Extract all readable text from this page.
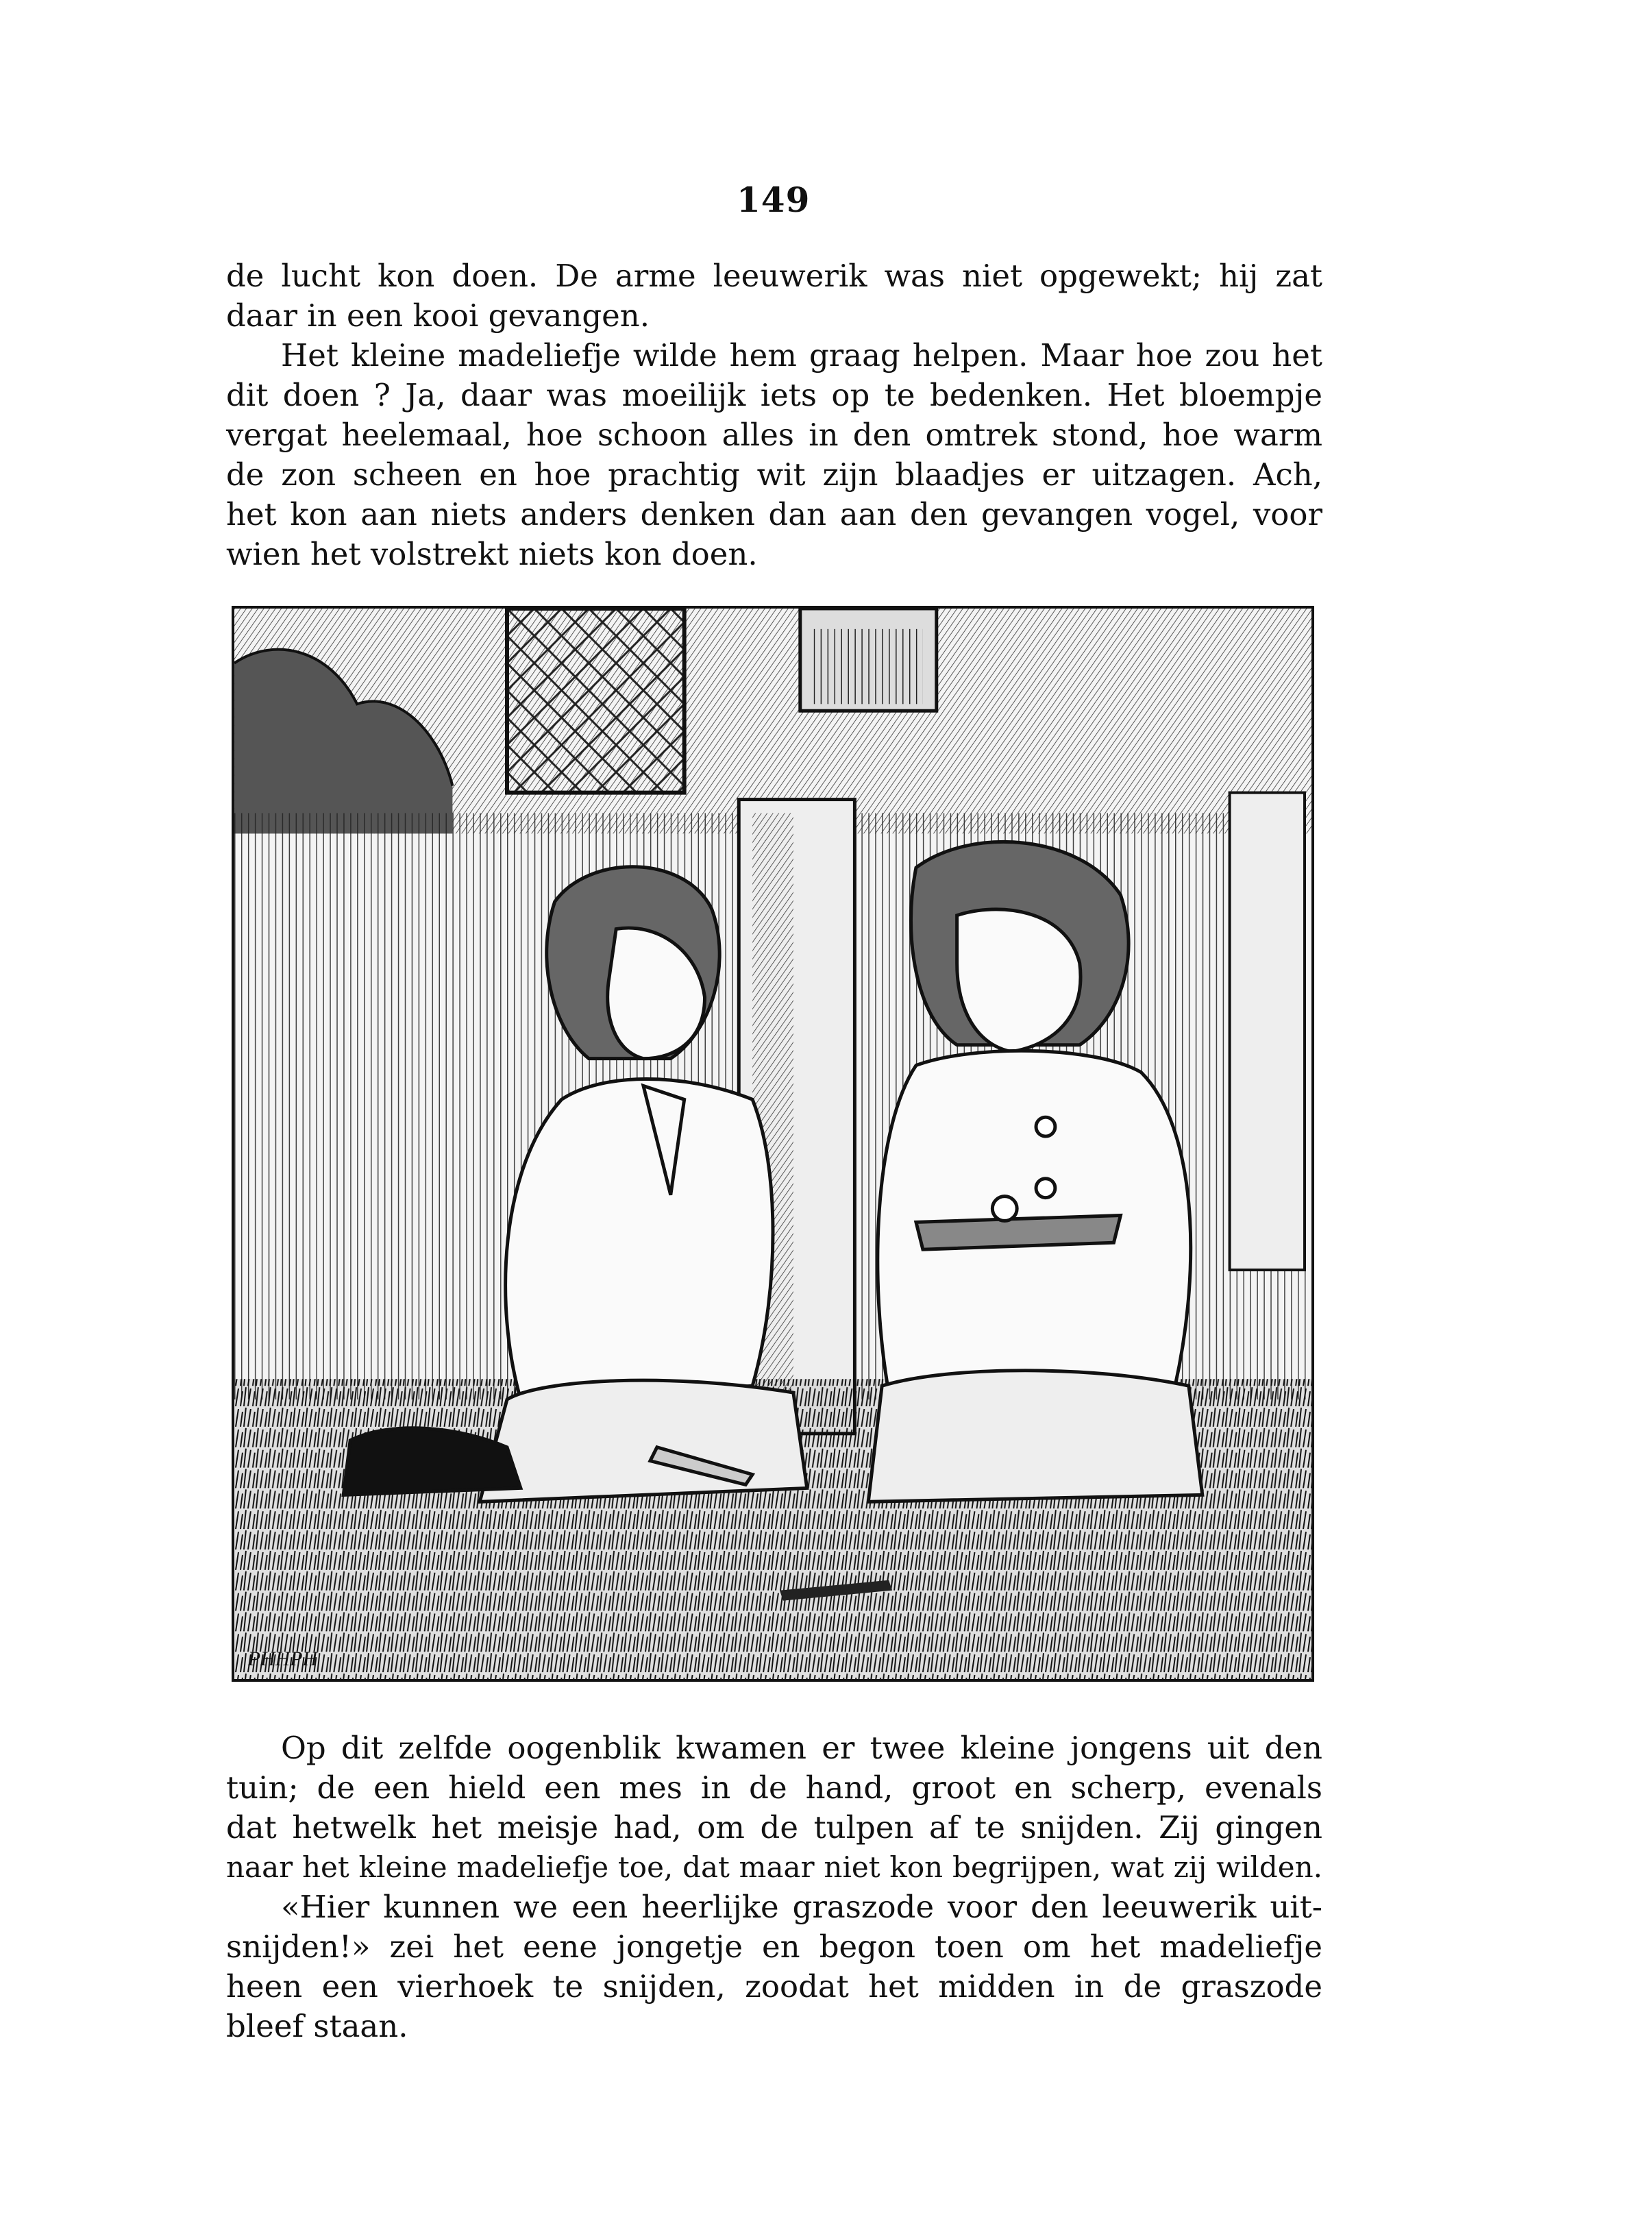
149
de lucht kon doen. De arme leeuwerik was niet opgewekt; hij zat
daar in een kooi gevangen.
Het kleine madeliefje wilde hem graag helpen. Maar hoe zou het
dit doen ? Ja, daar was moeilijk iets op te bedenken. Het bloempje
vergat heelemaal, hoe schoon alles in den omtrek stond, hoe warm
de zon scheen en hoe prachtig wit zijn blaadjes er uitzagen. Ach,
het kon aan niets anders denken dan aan den gevangen vogel, voor
wien het volstrekt niets kon doen.
PHHPH
Op dit zelfde oogenblik kwamen er twee kleine jongens uit den
tuin; de een hield een mes in de hand, groot en scherp, evenals
dat hetwelk het meisje had, om de tulpen af te snijden. Zij gingen
naar het kleine madeliefje toe, dat maar niet kon begrijpen, wat zij wilden.
«Hier kunnen we een heerlijke graszode voor den leeuwerik uit-
snijden!» zei het eene jongetje en begon toen om het madeliefje
heen een vierhoek te snijden, zoodat het midden in de graszode
bleef staan.
